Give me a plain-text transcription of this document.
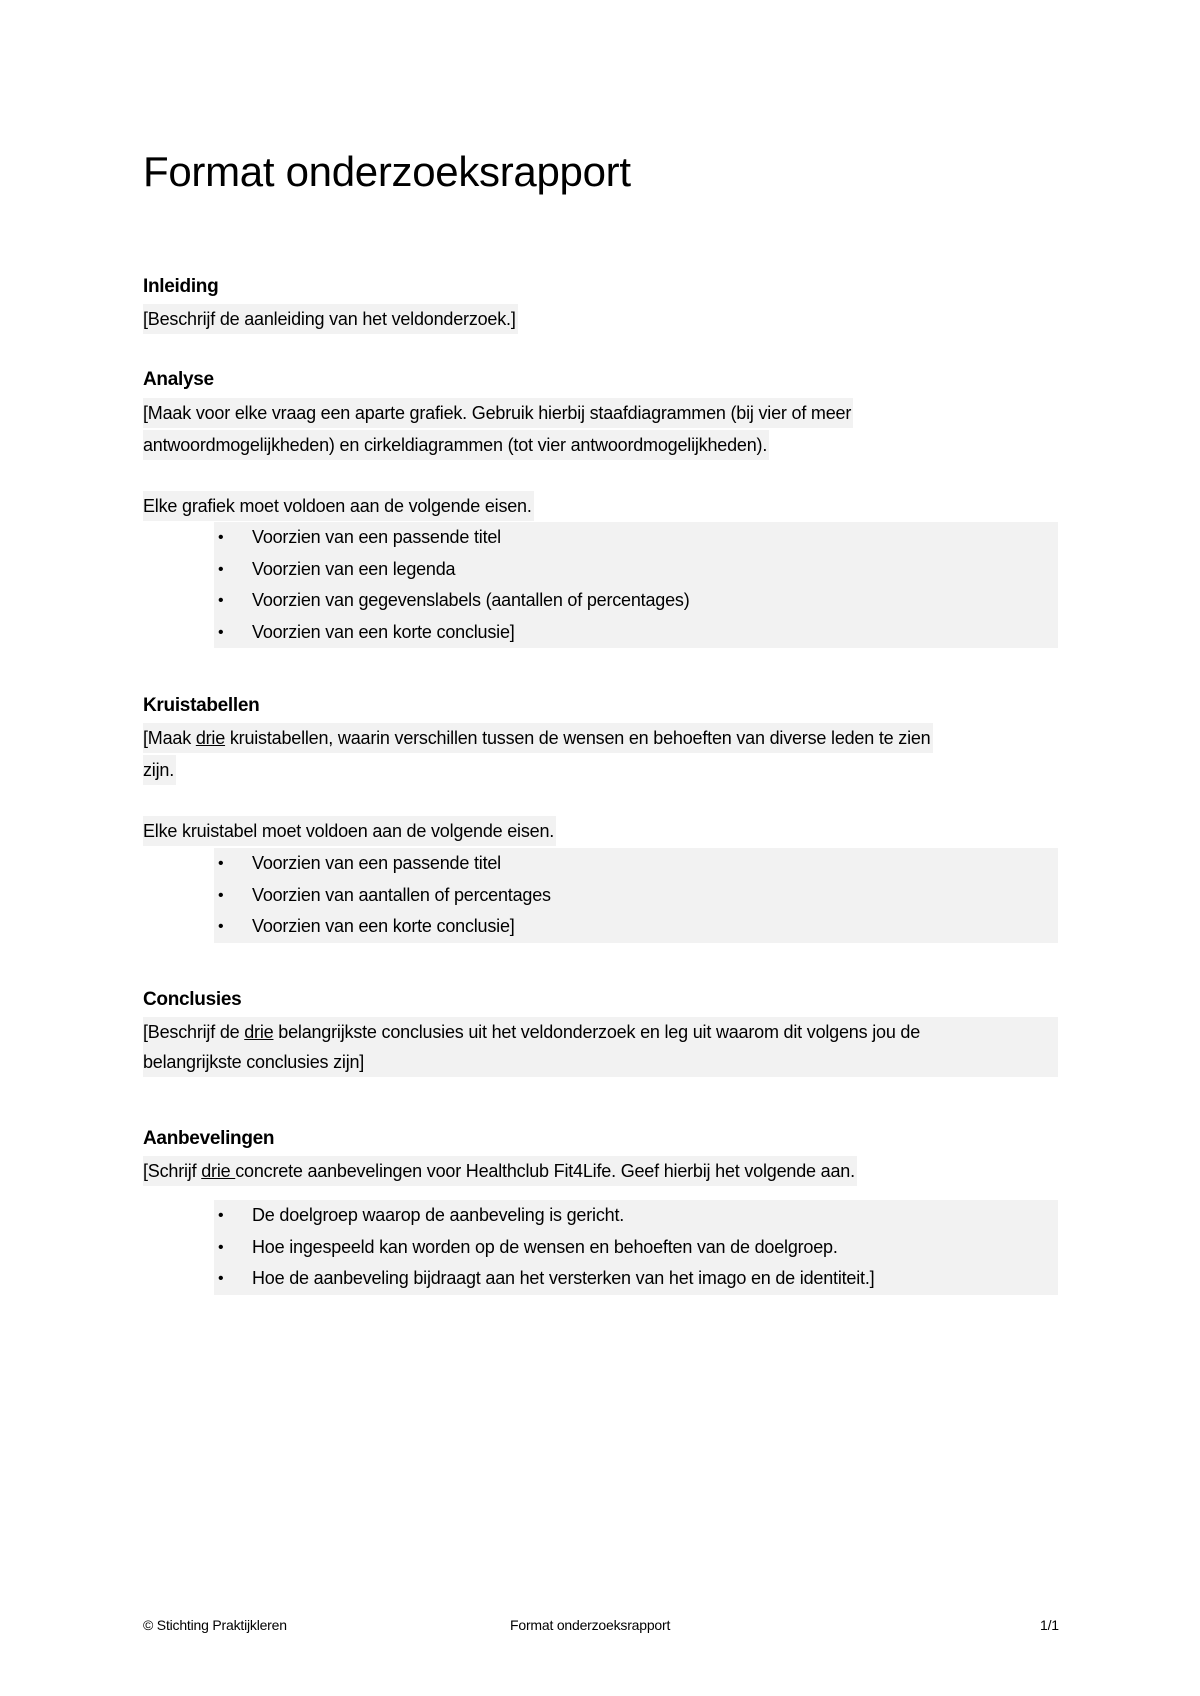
Format onderzoeksrapport
Inleiding
[Beschrijf de aanleiding van het veldonderzoek.]
Analyse
[Maak voor elke vraag een aparte grafiek. Gebruik hierbij staafdiagrammen (bij vier of meer
antwoordmogelijkheden) en cirkeldiagrammen (tot vier antwoordmogelijkheden).
Elke grafiek moet voldoen aan de volgende eisen.
• Voorzien van een passende titel
• Voorzien van een legenda
• Voorzien van gegevenslabels (aantallen of percentages)
• Voorzien van een korte conclusie]
Kruistabellen
[Maak drie kruistabellen, waarin verschillen tussen de wensen en behoeften van diverse leden te zien
zijn.
Elke kruistabel moet voldoen aan de volgende eisen.
• Voorzien van een passende titel
• Voorzien van aantallen of percentages
• Voorzien van een korte conclusie]
Conclusies
[Beschrijf de drie belangrijkste conclusies uit het veldonderzoek en leg uit waarom dit volgens jou de
belangrijkste conclusies zijn]
Aanbevelingen
[Schrijf drie concrete aanbevelingen voor Healthclub Fit4Life. Geef hierbij het volgende aan.
• De doelgroep waarop de aanbeveling is gericht.
• Hoe ingespeeld kan worden op de wensen en behoeften van de doelgroep.
• Hoe de aanbeveling bijdraagt aan het versterken van het imago en de identiteit.]
© Stichting Praktijkleren	Format onderzoeksrapport	1/1
